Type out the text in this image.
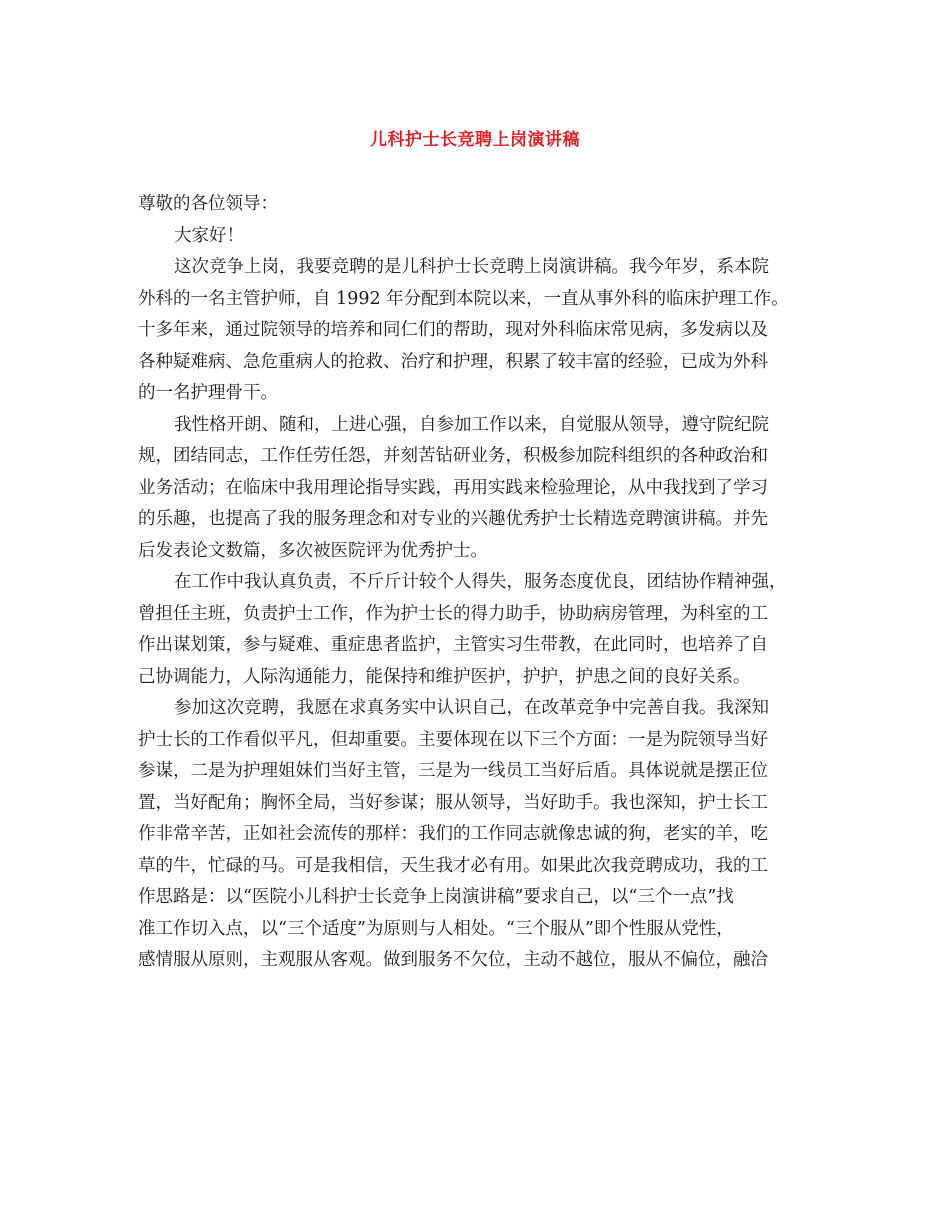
儿科护士长竞聘上岗演讲稿
尊敬的各位领导：
大家好！
这次竞争上岗，我要竞聘的是儿科护士长竞聘上岗演讲稿。我今年岁，系本院
外科的一名主管护师，自 1992 年分配到本院以来，一直从事外科的临床护理工作。
十多年来，通过院领导的培养和同仁们的帮助，现对外科临床常见病，多发病以及
各种疑难病、急危重病人的抢救、治疗和护理，积累了较丰富的经验，已成为外科
的一名护理骨干。
我性格开朗、随和，上进心强，自参加工作以来，自觉服从领导，遵守院纪院
规，团结同志，工作任劳任怨，并刻苦钻研业务，积极参加院科组织的各种政治和
业务活动；在临床中我用理论指导实践，再用实践来检验理论，从中我找到了学习
的乐趣，也提高了我的服务理念和对专业的兴趣优秀护士长精选竞聘演讲稿。并先
后发表论文数篇，多次被医院评为优秀护士。
在工作中我认真负责，不斤斤计较个人得失，服务态度优良，团结协作精神强，
曾担任主班，负责护士工作，作为护士长的得力助手，协助病房管理，为科室的工
作出谋划策，参与疑难、重症患者监护，主管实习生带教，在此同时，也培养了自
己协调能力，人际沟通能力，能保持和维护医护，护护，护患之间的良好关系。
参加这次竞聘，我愿在求真务实中认识自己，在改革竞争中完善自我。我深知
护士长的工作看似平凡，但却重要。主要体现在以下三个方面：一是为院领导当好
参谋，二是为护理姐妹们当好主管，三是为一线员工当好后盾。具体说就是摆正位
置，当好配角；胸怀全局，当好参谋；服从领导，当好助手。我也深知，护士长工
作非常辛苦，正如社会流传的那样：我们的工作同志就像忠诚的狗，老实的羊，吃
草的牛，忙碌的马。可是我相信，天生我才必有用。如果此次我竞聘成功，我的工
作思路是：以“医院小儿科护士长竞争上岗演讲稿”要求自己，以“三个一点”找
准工作切入点，以“三个适度”为原则与人相处。“三个服从”即个性服从党性，
感情服从原则，主观服从客观。做到服务不欠位，主动不越位，服从不偏位，融洽
